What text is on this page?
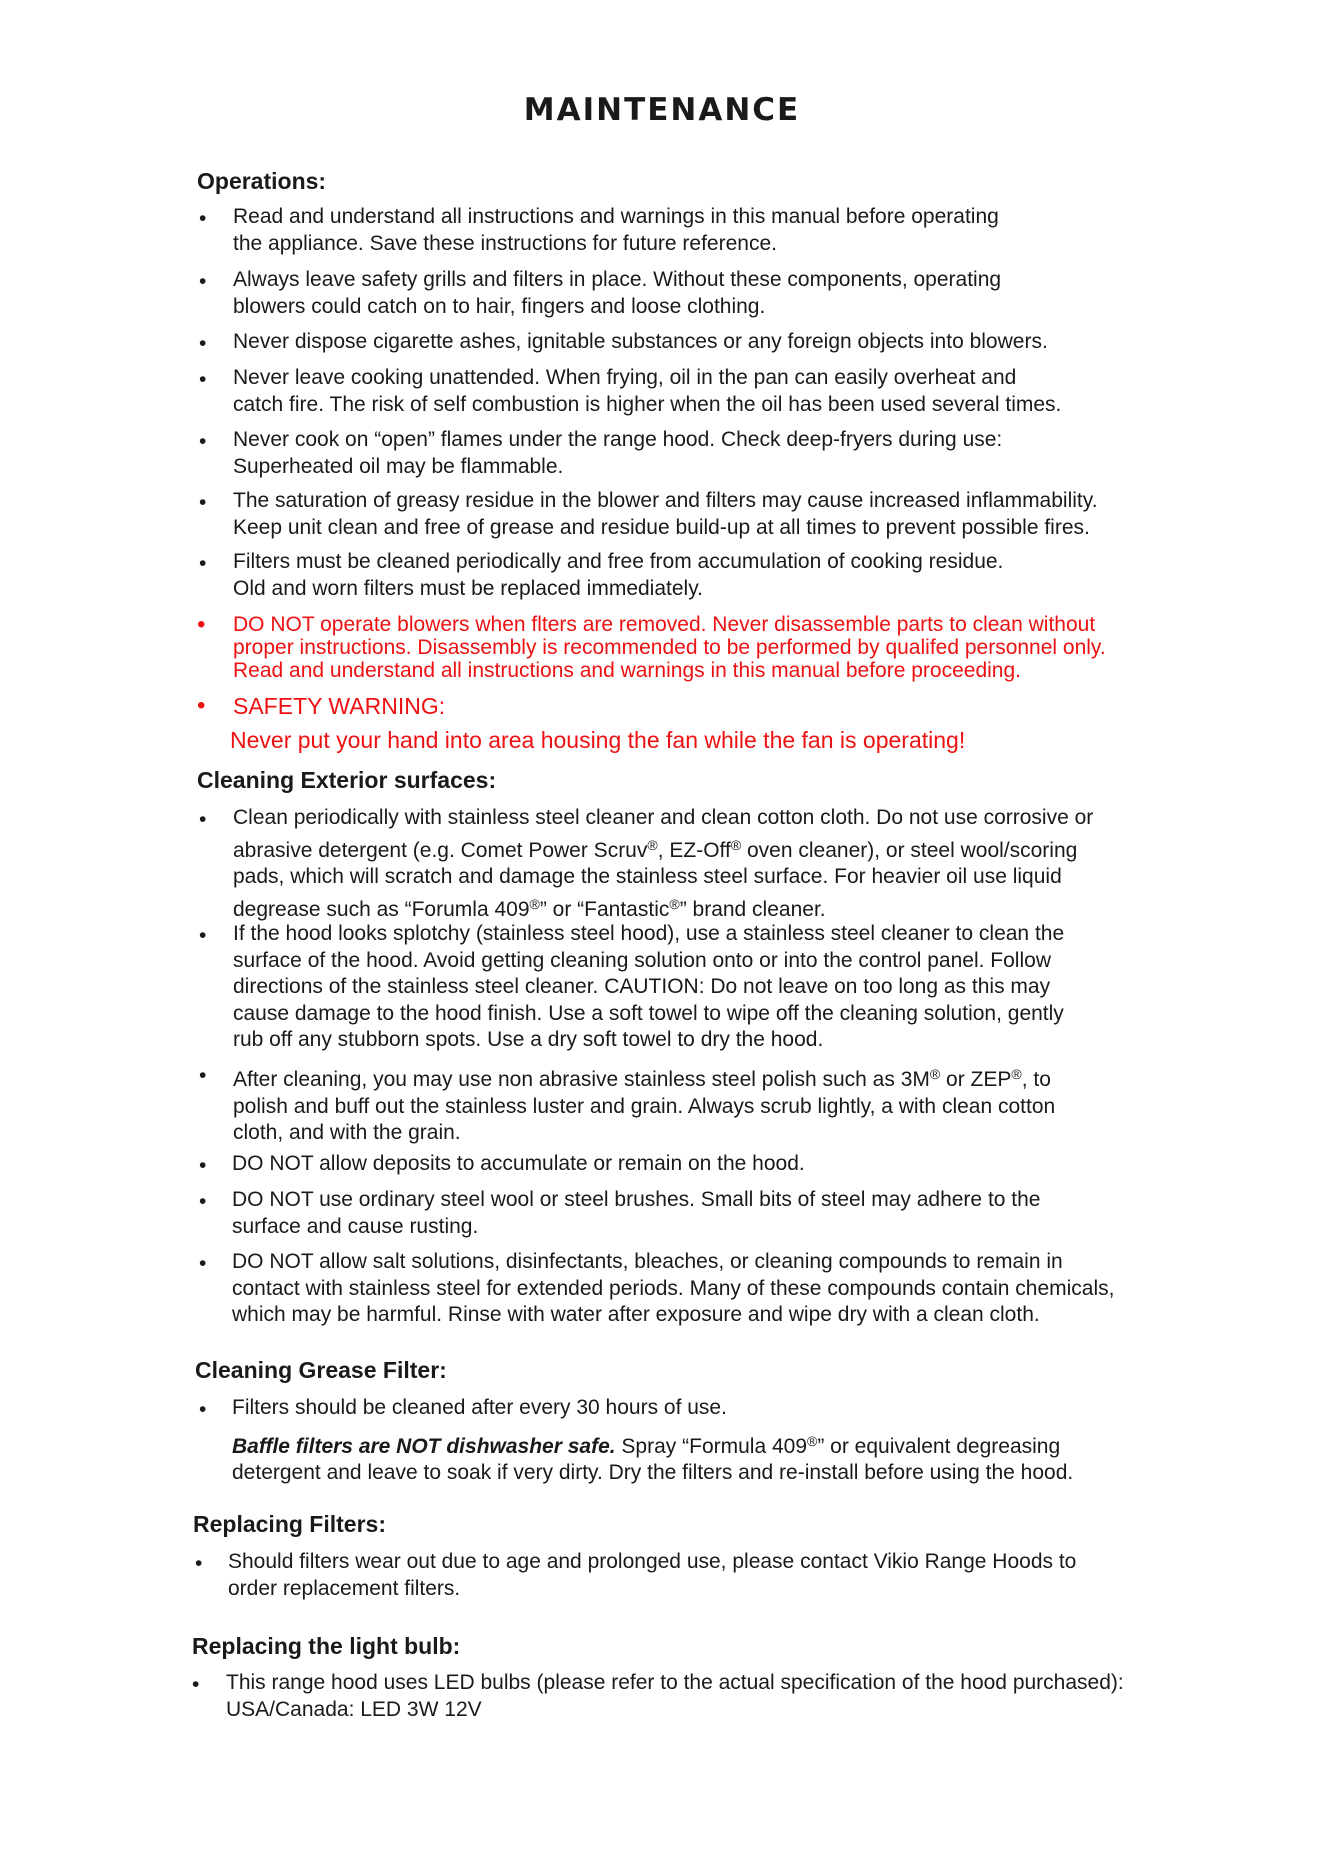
MAINTENANCE
Operations:
• Read and understand all instructions and warnings in this manual before operating
the appliance. Save these instructions for future reference.
• Always leave safety grills and filters in place. Without these components, operating
blowers could catch on to hair, fingers and loose clothing.
• Never dispose cigarette ashes, ignitable substances or any foreign objects into blowers.
• Never leave cooking unattended. When frying, oil in the pan can easily overheat and
catch fire. The risk of self combustion is higher when the oil has been used several times.
• Never cook on “open” flames under the range hood. Check deep-fryers during use:
Superheated oil may be flammable.
• The saturation of greasy residue in the blower and filters may cause increased inflammability.
Keep unit clean and free of grease and residue build-up at all times to prevent possible fires.
• Filters must be cleaned periodically and free from accumulation of cooking residue.
Old and worn filters must be replaced immediately.
• DO NOT operate blowers when flters are removed. Never disassemble parts to clean without
proper instructions. Disassembly is recommended to be performed by qualifed personnel only.
Read and understand all instructions and warnings in this manual before proceeding.
• SAFETY WARNING:
Never put your hand into area housing the fan while the fan is operating!
Cleaning Exterior surfaces:
• Clean periodically with stainless steel cleaner and clean cotton cloth. Do not use corrosive or
abrasive detergent (e.g. Comet Power Scruv®, EZ-Off® oven cleaner), or steel wool/scoring
pads, which will scratch and damage the stainless steel surface. For heavier oil use liquid
degrease such as “Forumla 409®” or “Fantastic®” brand cleaner.
• If the hood looks splotchy (stainless steel hood), use a stainless steel cleaner to clean the
surface of the hood. Avoid getting cleaning solution onto or into the control panel. Follow
directions of the stainless steel cleaner. CAUTION: Do not leave on too long as this may
cause damage to the hood finish. Use a soft towel to wipe off the cleaning solution, gently
rub off any stubborn spots. Use a dry soft towel to dry the hood.
• After cleaning, you may use non abrasive stainless steel polish such as 3M® or ZEP®, to
polish and buff out the stainless luster and grain. Always scrub lightly, a with clean cotton
cloth, and with the grain.
• DO NOT allow deposits to accumulate or remain on the hood.
• DO NOT use ordinary steel wool or steel brushes. Small bits of steel may adhere to the
surface and cause rusting.
• DO NOT allow salt solutions, disinfectants, bleaches, or cleaning compounds to remain in
contact with stainless steel for extended periods. Many of these compounds contain chemicals,
which may be harmful. Rinse with water after exposure and wipe dry with a clean cloth.
Cleaning Grease Filter:
• Filters should be cleaned after every 30 hours of use.
Baffle filters are NOT dishwasher safe. Spray “Formula 409®” or equivalent degreasing
detergent and leave to soak if very dirty. Dry the filters and re-install before using the hood.
Replacing Filters:
• Should filters wear out due to age and prolonged use, please contact Vikio Range Hoods to
order replacement filters.
Replacing the light bulb:
• This range hood uses LED bulbs (please refer to the actual specification of the hood purchased):
USA/Canada: LED 3W 12V
